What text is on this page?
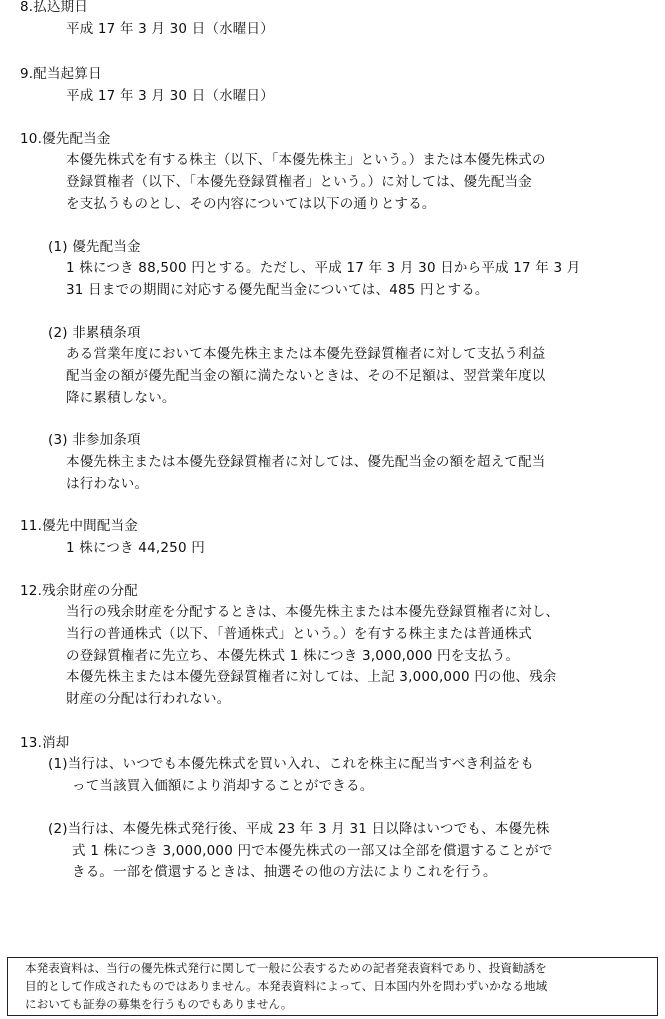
8.払込期日
平成 17 年 3 月 30 日（水曜日）
9.配当起算日
平成 17 年 3 月 30 日（水曜日）
10.優先配当金
本優先株式を有する株主（以下、「本優先株主」という。）または本優先株式の
登録質権者（以下、「本優先登録質権者」という。）に対しては、優先配当金
を支払うものとし、その内容については以下の通りとする。
(1) 優先配当金
1 株につき 88,500 円とする。ただし、平成 17 年 3 月 30 日から平成 17 年 3 月
31 日までの期間に対応する優先配当金については、485 円とする。
(2) 非累積条項
ある営業年度において本優先株主または本優先登録質権者に対して支払う利益
配当金の額が優先配当金の額に満たないときは、その不足額は、翌営業年度以
降に累積しない。
(3) 非参加条項
本優先株主または本優先登録質権者に対しては、優先配当金の額を超えて配当
は行わない。
11.優先中間配当金
1 株につき 44,250 円
12.残余財産の分配
当行の残余財産を分配するときは、本優先株主または本優先登録質権者に対し、
当行の普通株式（以下、「普通株式」という。）を有する株主または普通株式
の登録質権者に先立ち、本優先株式 1 株につき 3,000,000 円を支払う。
本優先株主または本優先登録質権者に対しては、上記 3,000,000 円の他、残余
財産の分配は行われない。
13.消却
(1)当行は、いつでも本優先株式を買い入れ、これを株主に配当すべき利益をも
って当該買入価額により消却することができる。
(2)当行は、本優先株式発行後、平成 23 年 3 月 31 日以降はいつでも、本優先株
式 1 株につき 3,000,000 円で本優先株式の一部又は全部を償還することがで
きる。一部を償還するときは、抽選その他の方法によりこれを行う。
本発表資料は、当行の優先株式発行に関して一般に公表するための記者発表資料であり、投資勧誘を
目的として作成されたものではありません。本発表資料によって、日本国内外を問わずいかなる地域
においても証券の募集を行うものでもありません。
